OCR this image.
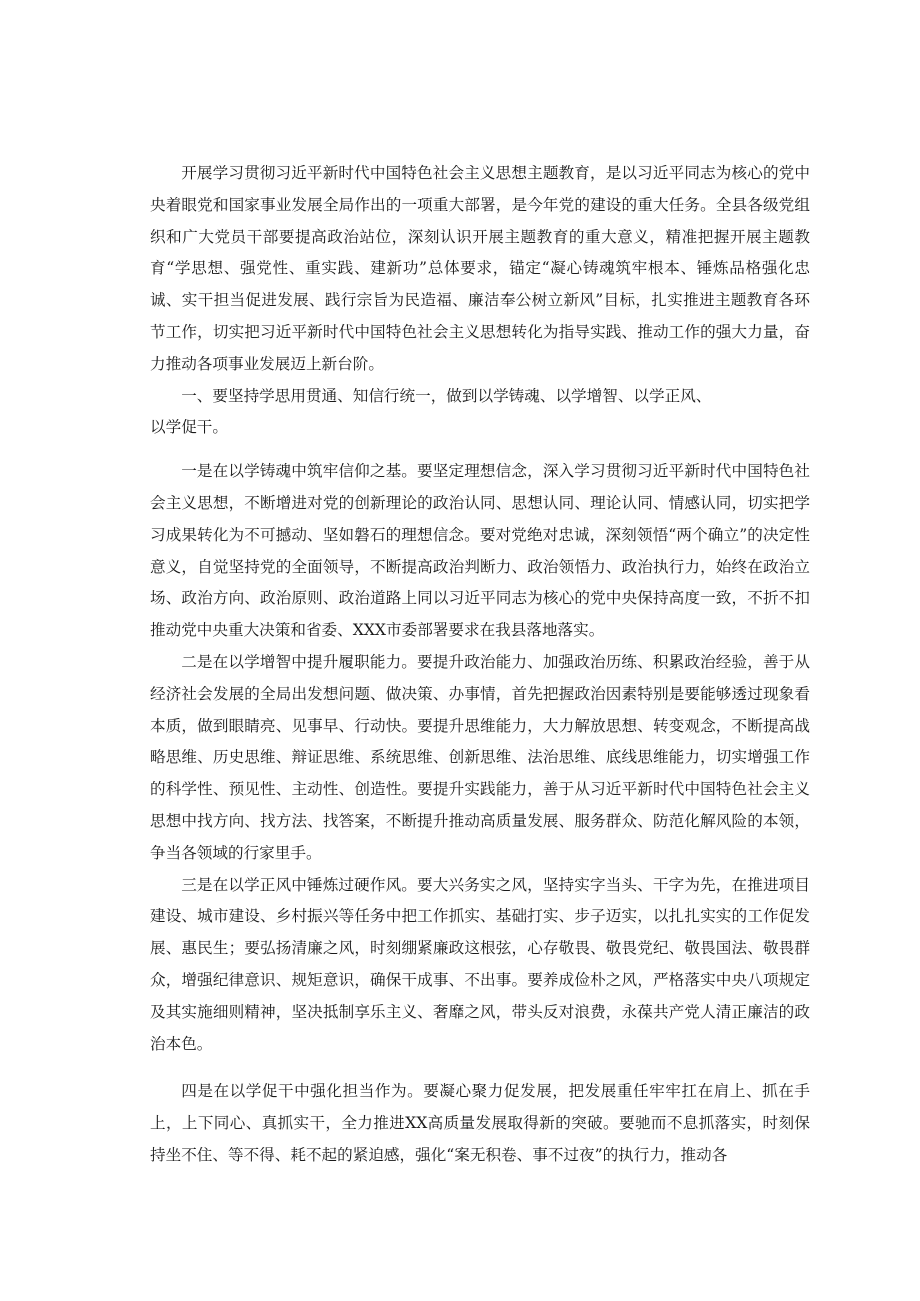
开展学习贯彻习近平新时代中国特色社会主义思想主题教育，是以习近平同志为核心的党中央着眼党和国家事业发展全局作出的一项重大部署，是今年党的建设的重大任务。全县各级党组织和广大党员干部要提高政治站位，深刻认识开展主题教育的重大意义，精准把握开展主题教育“学思想、强党性、重实践、建新功”总体要求，锚定“凝心铸魂筑牢根本、锤炼品格强化忠诚、实干担当促进发展、践行宗旨为民造福、廉洁奉公树立新风”目标，扎实推进主题教育各环节工作，切实把习近平新时代中国特色社会主义思想转化为指导实践、推动工作的强大力量，奋力推动各项事业发展迈上新台阶。

一、要坚持学思用贯通、知信行统一，做到以学铸魂、以学增智、以学正风、

以学促干。

一是在以学铸魂中筑牢信仰之基。要坚定理想信念，深入学习贯彻习近平新时代中国特色社会主义思想，不断增进对党的创新理论的政治认同、思想认同、理论认同、情感认同，切实把学习成果转化为不可撼动、坚如磐石的理想信念。要对党绝对忠诚，深刻领悟“两个确立”的决定性意义，自觉坚持党的全面领导，不断提高政治判断力、政治领悟力、政治执行力，始终在政治立场、政治方向、政治原则、政治道路上同以习近平同志为核心的党中央保持高度一致，不折不扣推动党中央重大决策和省委、XXX市委部署要求在我县落地落实。

二是在以学增智中提升履职能力。要提升政治能力、加强政治历练、积累政治经验，善于从经济社会发展的全局出发想问题、做决策、办事情，首先把握政治因素特别是要能够透过现象看本质，做到眼睛亮、见事早、行动快。要提升思维能力，大力解放思想、转变观念，不断提高战略思维、历史思维、辩证思维、系统思维、创新思维、法治思维、底线思维能力，切实增强工作的科学性、预见性、主动性、创造性。要提升实践能力，善于从习近平新时代中国特色社会主义思想中找方向、找方法、找答案，不断提升推动高质量发展、服务群众、防范化解风险的本领，争当各领域的行家里手。

三是在以学正风中锤炼过硬作风。要大兴务实之风，坚持实字当头、干字为先，在推进项目建设、城市建设、乡村振兴等任务中把工作抓实、基础打实、步子迈实，以扎扎实实的工作促发展、惠民生；要弘扬清廉之风，时刻绷紧廉政这根弦，心存敬畏、敬畏党纪、敬畏国法、敬畏群众，增强纪律意识、规矩意识，确保干成事、不出事。要养成俭朴之风，严格落实中央八项规定及其实施细则精神，坚决抵制享乐主义、奢靡之风，带头反对浪费，永葆共产党人清正廉洁的政治本色。

四是在以学促干中强化担当作为。要凝心聚力促发展，把发展重任牢牢扛在肩上、抓在手上，上下同心、真抓实干，全力推进XX高质量发展取得新的突破。要驰而不息抓落实，时刻保持坐不住、等不得、耗不起的紧迫感，强化“案无积卷、事不过夜”的执行力，推动各
